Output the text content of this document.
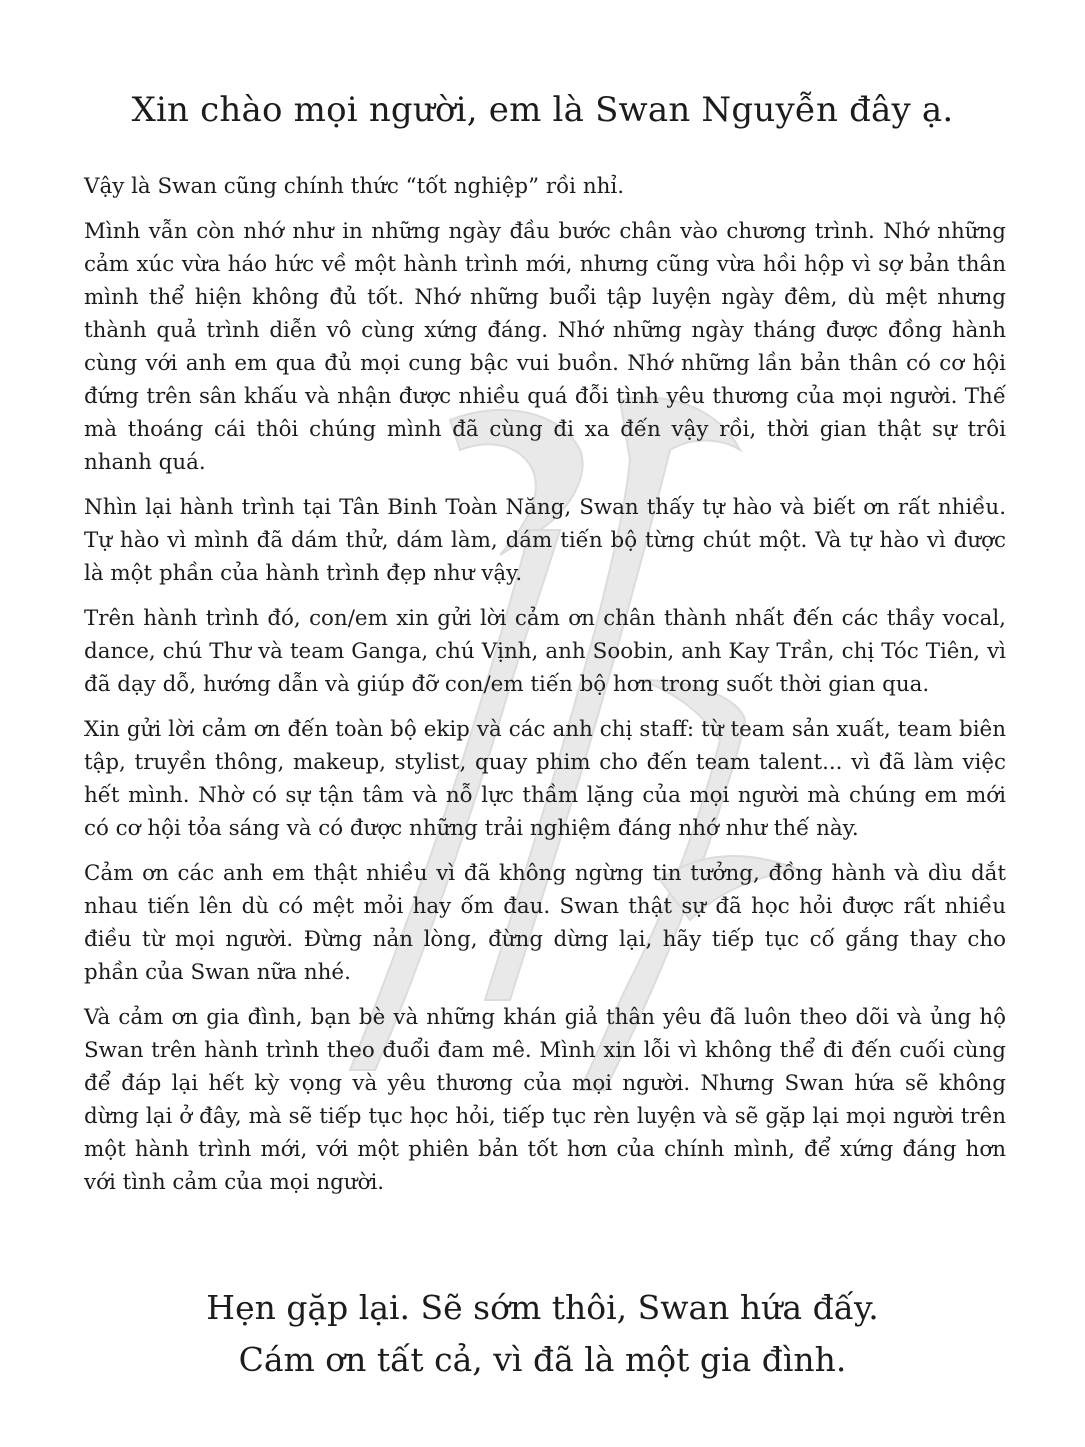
Xin chào mọi người, em là Swan Nguyễn đây ạ.

Vậy là Swan cũng chính thức “tốt nghiệp” rồi nhỉ.

Mình vẫn còn nhớ như in những ngày đầu bước chân vào chương trình. Nhớ những cảm xúc vừa háo hức về một hành trình mới, nhưng cũng vừa hồi hộp vì sợ bản thân mình thể hiện không đủ tốt. Nhớ những buổi tập luyện ngày đêm, dù mệt nhưng thành quả trình diễn vô cùng xứng đáng. Nhớ những ngày tháng được đồng hành cùng với anh em qua đủ mọi cung bậc vui buồn. Nhớ những lần bản thân có cơ hội đứng trên sân khấu và nhận được nhiều quá đỗi tình yêu thương của mọi người. Thế mà thoáng cái thôi chúng mình đã cùng đi xa đến vậy rồi, thời gian thật sự trôi nhanh quá.

Nhìn lại hành trình tại Tân Binh Toàn Năng, Swan thấy tự hào và biết ơn rất nhiều. Tự hào vì mình đã dám thử, dám làm, dám tiến bộ từng chút một. Và tự hào vì được là một phần của hành trình đẹp như vậy.

Trên hành trình đó, con/em xin gửi lời cảm ơn chân thành nhất đến các thầy vocal, dance, chú Thư và team Ganga, chú Vịnh, anh Soobin, anh Kay Trần, chị Tóc Tiên, vì đã dạy dỗ, hướng dẫn và giúp đỡ con/em tiến bộ hơn trong suốt thời gian qua.

Xin gửi lời cảm ơn đến toàn bộ ekip và các anh chị staff: từ team sản xuất, team biên tập, truyền thông, makeup, stylist, quay phim cho đến team talent... vì đã làm việc hết mình. Nhờ có sự tận tâm và nỗ lực thầm lặng của mọi người mà chúng em mới có cơ hội tỏa sáng và có được những trải nghiệm đáng nhớ như thế này.

Cảm ơn các anh em thật nhiều vì đã không ngừng tin tưởng, đồng hành và dìu dắt nhau tiến lên dù có mệt mỏi hay ốm đau. Swan thật sự đã học hỏi được rất nhiều điều từ mọi người. Đừng nản lòng, đừng dừng lại, hãy tiếp tục cố gắng thay cho phần của Swan nữa nhé.

Và cảm ơn gia đình, bạn bè và những khán giả thân yêu đã luôn theo dõi và ủng hộ Swan trên hành trình theo đuổi đam mê. Mình xin lỗi vì không thể đi đến cuối cùng để đáp lại hết kỳ vọng và yêu thương của mọi người. Nhưng Swan hứa sẽ không dừng lại ở đây, mà sẽ tiếp tục học hỏi, tiếp tục rèn luyện và sẽ gặp lại mọi người trên một hành trình mới, với một phiên bản tốt hơn của chính mình, để xứng đáng hơn với tình cảm của mọi người.

Hẹn gặp lại. Sẽ sớm thôi, Swan hứa đấy.

Cám ơn tất cả, vì đã là một gia đình.
